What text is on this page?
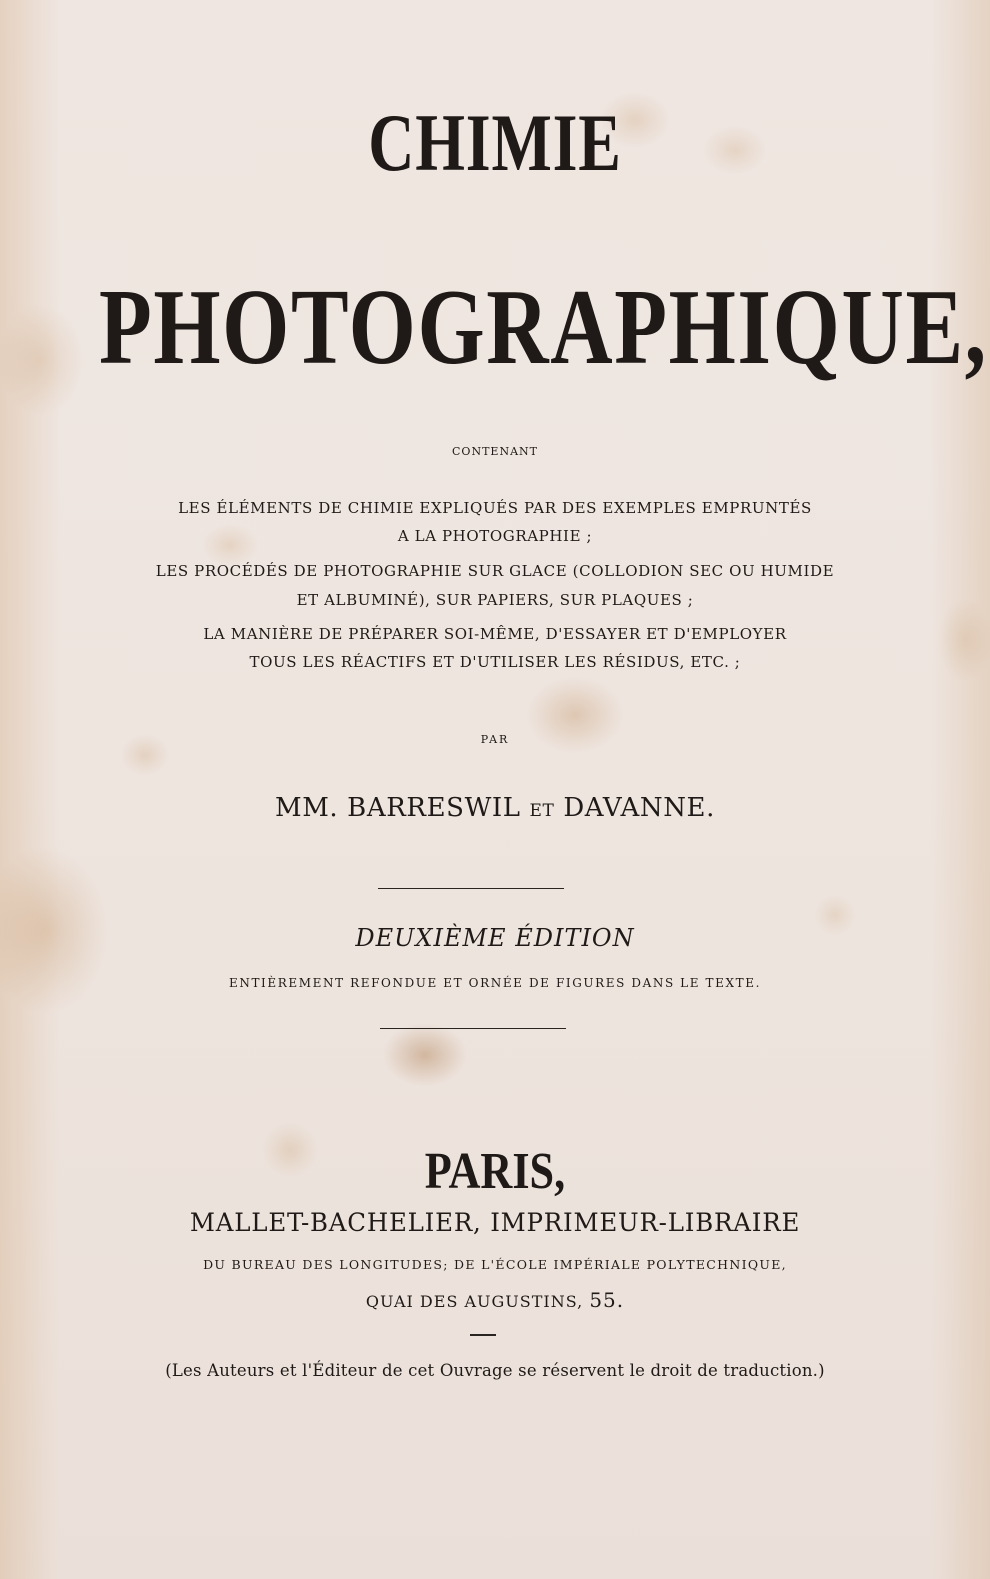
CHIMIE

PHOTOGRAPHIQUE,

CONTENANT

LES ÉLÉMENTS DE CHIMIE EXPLIQUÉS PAR DES EXEMPLES EMPRUNTÉS

A LA PHOTOGRAPHIE ;

LES PROCÉDÉS DE PHOTOGRAPHIE SUR GLACE (COLLODION SEC OU HUMIDE

ET ALBUMINÉ), SUR PAPIERS, SUR PLAQUES ;

LA MANIÈRE DE PRÉPARER SOI-MÊME, D'ESSAYER ET D'EMPLOYER

TOUS LES RÉACTIFS ET D'UTILISER LES RÉSIDUS, ETC. ;

PAR

MM. BARRESWIL ET DAVANNE.

DEUXIÈME ÉDITION

ENTIÈREMENT REFONDUE ET ORNÉE DE FIGURES DANS LE TEXTE.

PARIS,

MALLET-BACHELIER, IMPRIMEUR-LIBRAIRE

DU BUREAU DES LONGITUDES; DE L'ÉCOLE IMPÉRIALE POLYTECHNIQUE,

QUAI DES AUGUSTINS, 55.

(Les Auteurs et l'Éditeur de cet Ouvrage se réservent le droit de traduction.)
